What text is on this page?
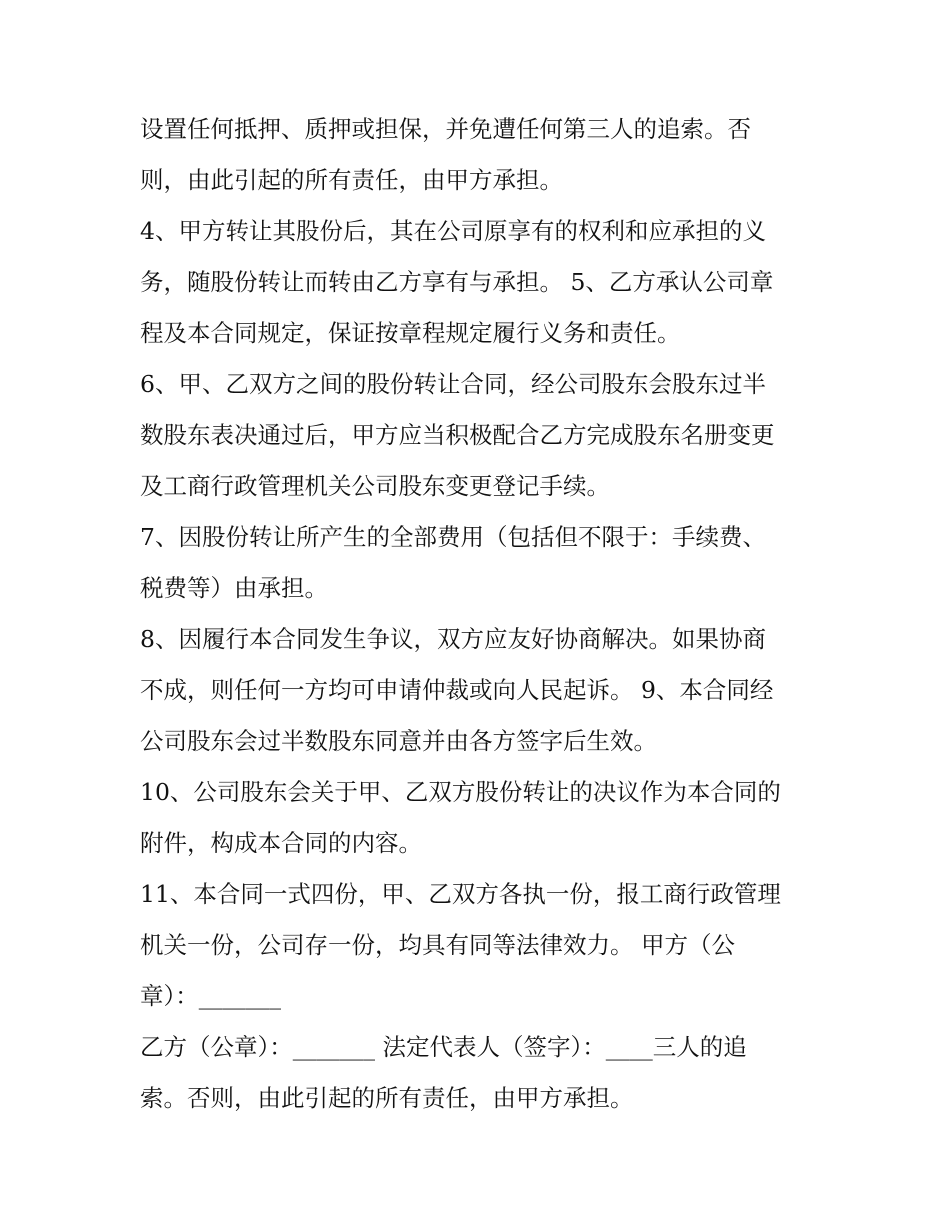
设置任何抵押、质押或担保，并免遭任何第三人的追索。否
则，由此引起的所有责任，由甲方承担。
4、甲方转让其股份后，其在公司原享有的权利和应承担的义
务，随股份转让而转由乙方享有与承担。 5、乙方承认公司章
程及本合同规定，保证按章程规定履行义务和责任。
6、甲、乙双方之间的股份转让合同，经公司股东会股东过半
数股东表决通过后，甲方应当积极配合乙方完成股东名册变更
及工商行政管理机关公司股东变更登记手续。
7、因股份转让所产生的全部费用（包括但不限于：手续费、
税费等）由承担。
8、因履行本合同发生争议，双方应友好协商解决。如果协商
不成，则任何一方均可申请仲裁或向人民起诉。 9、本合同经
公司股东会过半数股东同意并由各方签字后生效。
10、公司股东会关于甲、乙双方股份转让的决议作为本合同的
附件，构成本合同的内容。
11、本合同一式四份，甲、乙双方各执一份，报工商行政管理
机关一份，公司存一份，均具有同等法律效力。 甲方（公
章）：_______
乙方（公章）：_______ 法定代表人（签字）：____三人的追
索。否则，由此引起的所有责任，由甲方承担。
